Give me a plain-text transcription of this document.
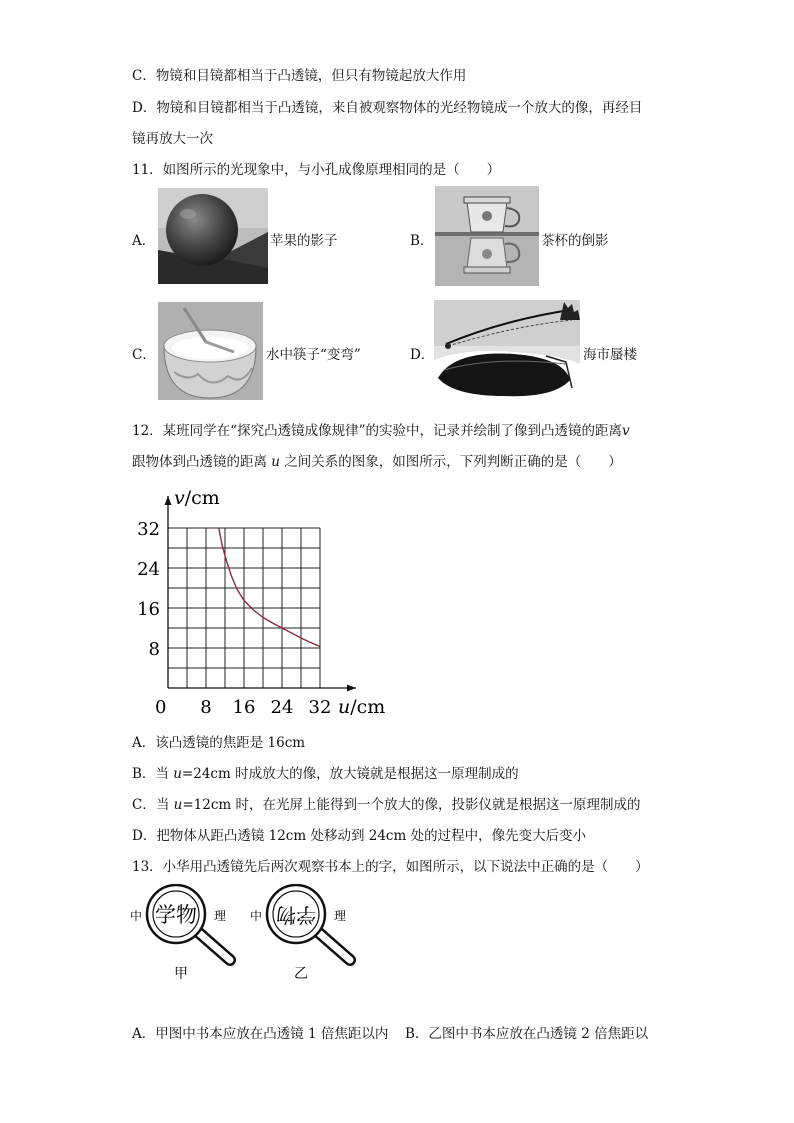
C．物镜和目镜都相当于凸透镜，但只有物镜起放大作用
D．物镜和目镜都相当于凸透镜，来自被观察物体的光经物镜成一个放大的像，再经目
镜再放大一次
11．如图所示的光现象中，与小孔成像原理相同的是（　　）
A．	苹果的影子	B．	茶杯的倒影
C．	水中筷子“变弯”	D．	海市蜃楼
12．某班同学在“探究凸透镜成像规律”的实验中，记录并绘制了像到凸透镜的距离v
跟物体到凸透镜的距离 u 之间关系的图象，如图所示，下列判断正确的是（　　）
0 8 16 24 32
8
16
24
32
v/cm
u/cm
A．该凸透镜的焦距是 16cm
B．当 u=24cm 时成放大的像，放大镜就是根据这一原理制成的
C．当 u=12cm 时，在光屏上能得到一个放大的像，投影仪就是根据这一原理制成的
D．把物体从距凸透镜 12cm 处移动到 24cm 处的过程中，像先变大后变小
13．小华用凸透镜先后两次观察书本上的字，如图所示，以下说法中正确的是（　　）
中 学物 理
甲
中 学物 理
乙
A．甲图中书本应放在凸透镜 1 倍焦距以内 B．乙图中书本应放在凸透镜 2 倍焦距以
